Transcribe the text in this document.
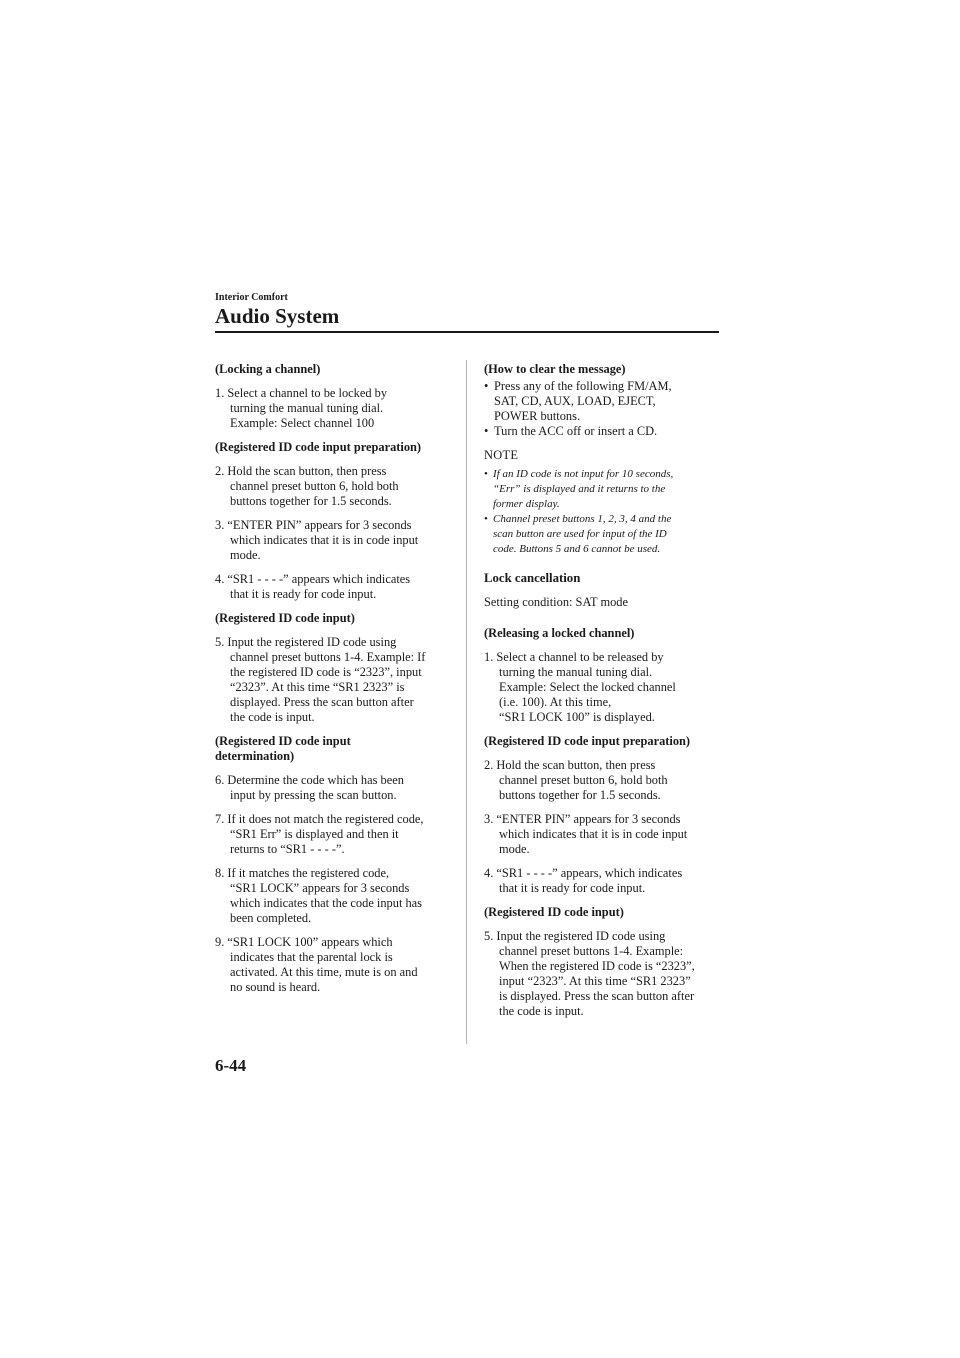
Interior Comfort
Audio System

(Locking a channel)

1. Select a channel to be locked by
turning the manual tuning dial.
Example: Select channel 100

(Registered ID code input preparation)

2. Hold the scan button, then press
channel preset button 6, hold both
buttons together for 1.5 seconds.

3. “ENTER PIN” appears for 3 seconds
which indicates that it is in code input
mode.

4. “SR1 - - - -” appears which indicates
that it is ready for code input.

(Registered ID code input)

5. Input the registered ID code using
channel preset buttons 1-4. Example: If
the registered ID code is “2323”, input
“2323”. At this time “SR1 2323” is
displayed. Press the scan button after
the code is input.

(Registered ID code input
determination)

6. Determine the code which has been
input by pressing the scan button.

7. If it does not match the registered code,
“SR1 Err” is displayed and then it
returns to “SR1 - - - -”.

8. If it matches the registered code,
“SR1 LOCK” appears for 3 seconds
which indicates that the code input has
been completed.

9. “SR1 LOCK 100” appears which
indicates that the parental lock is
activated. At this time, mute is on and
no sound is heard.

(How to clear the message)

• Press any of the following FM/AM,
SAT, CD, AUX, LOAD, EJECT,
POWER buttons.
• Turn the ACC off or insert a CD.

NOTE

• If an ID code is not input for 10 seconds,
“Err” is displayed and it returns to the
former display.
• Channel preset buttons 1, 2, 3, 4 and the
scan button are used for input of the ID
code. Buttons 5 and 6 cannot be used.

Lock cancellation

Setting condition: SAT mode

(Releasing a locked channel)

1. Select a channel to be released by
turning the manual tuning dial.
Example: Select the locked channel
(i.e. 100). At this time,
“SR1 LOCK 100” is displayed.

(Registered ID code input preparation)

2. Hold the scan button, then press
channel preset button 6, hold both
buttons together for 1.5 seconds.

3. “ENTER PIN” appears for 3 seconds
which indicates that it is in code input
mode.

4. “SR1 - - - -” appears, which indicates
that it is ready for code input.

(Registered ID code input)

5. Input the registered ID code using
channel preset buttons 1-4. Example:
When the registered ID code is “2323”,
input “2323”. At this time “SR1 2323”
is displayed. Press the scan button after
the code is input.

6-44
